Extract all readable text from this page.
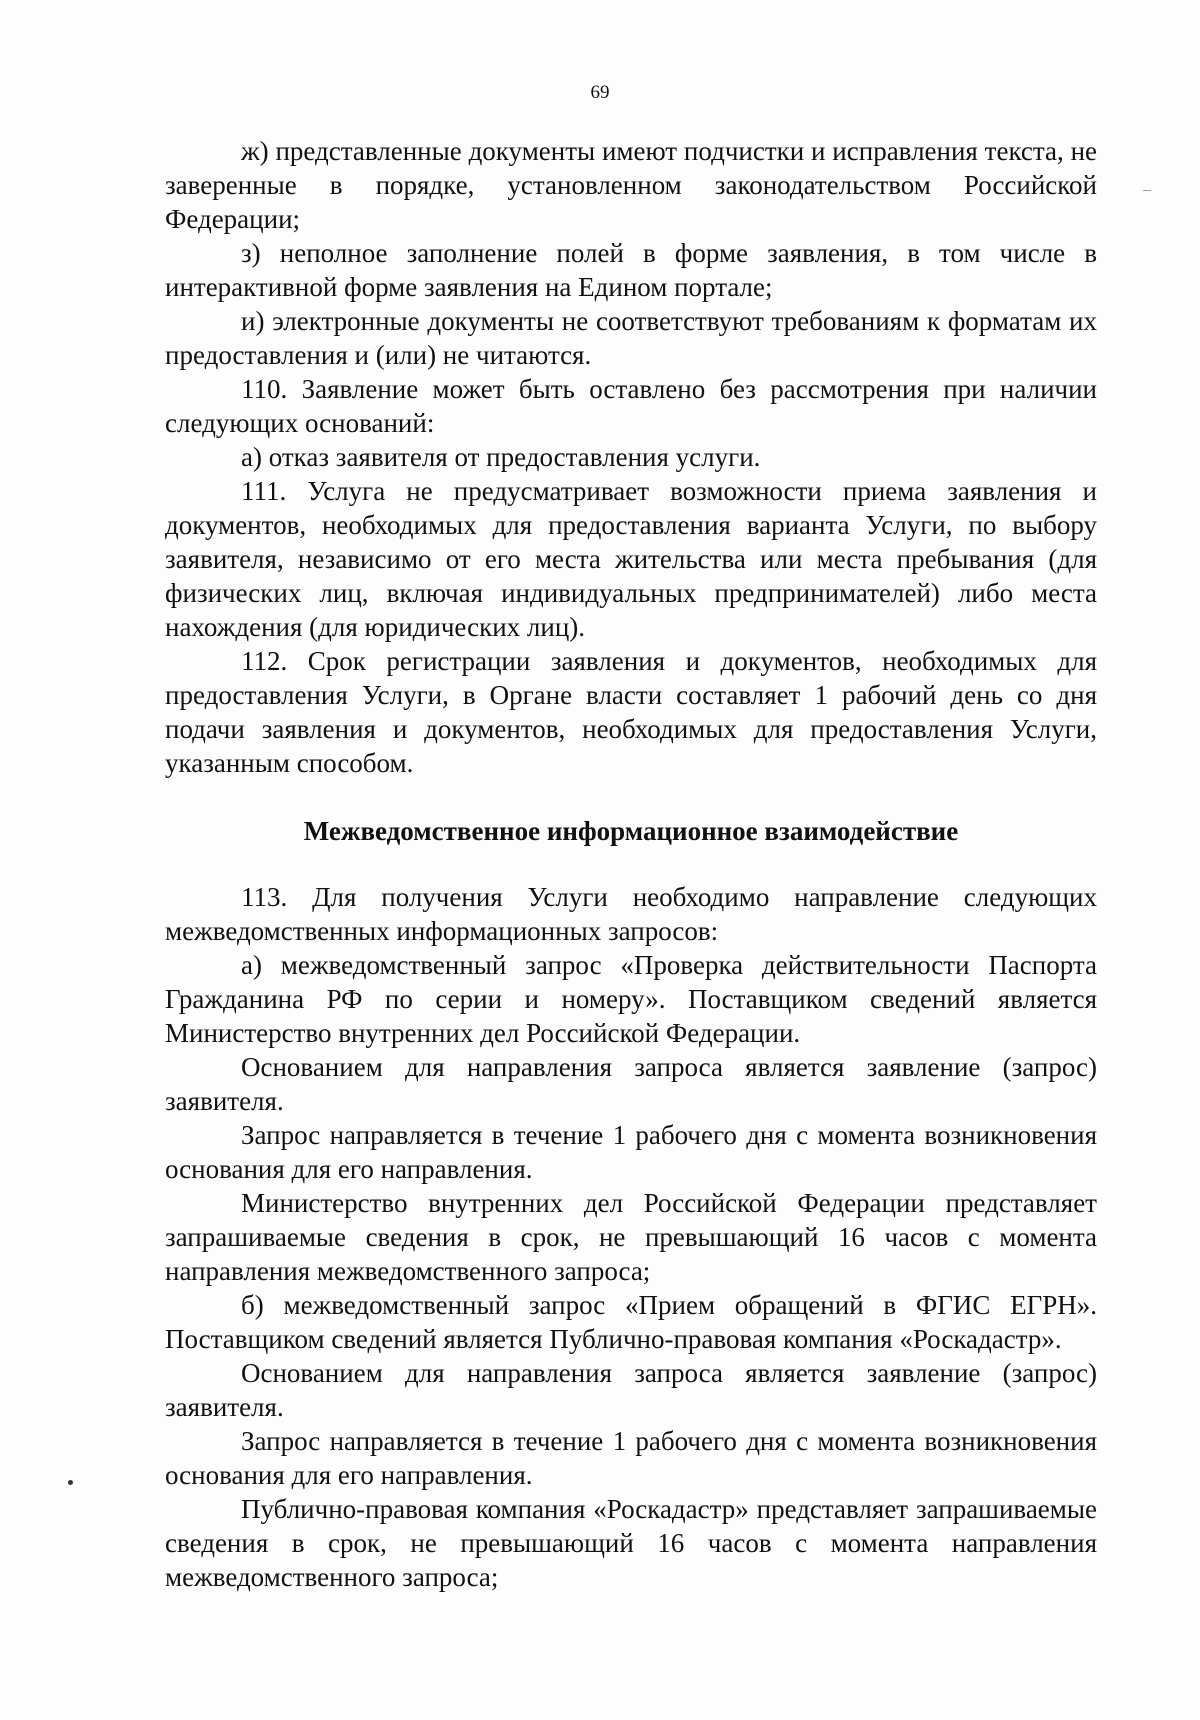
69

ж) представленные документы имеют подчистки и исправления текста, не заверенные в порядке, установленном законодательством Российской Федерации;

з) неполное заполнение полей в форме заявления, в том числе в интерактивной форме заявления на Едином портале;

и) электронные документы не соответствуют требованиям к форматам их предоставления и (или) не читаются.

110. Заявление может быть оставлено без рассмотрения при наличии следующих оснований:

а) отказ заявителя от предоставления услуги.

111. Услуга не предусматривает возможности приема заявления и документов, необходимых для предоставления варианта Услуги, по выбору заявителя, независимо от его места жительства или места пребывания (для физических лиц, включая индивидуальных предпринимателей) либо места нахождения (для юридических лиц).

112. Срок регистрации заявления и документов, необходимых для предоставления Услуги, в Органе власти составляет 1 рабочий день со дня подачи заявления и документов, необходимых для предоставления Услуги, указанным способом.

Межведомственное информационное взаимодействие

113. Для получения Услуги необходимо направление следующих межведомственных информационных запросов:

а) межведомственный запрос «Проверка действительности Паспорта Гражданина РФ по серии и номеру». Поставщиком сведений является Министерство внутренних дел Российской Федерации.

Основанием для направления запроса является заявление (запрос) заявителя.

Запрос направляется в течение 1 рабочего дня с момента возникновения основания для его направления.

Министерство внутренних дел Российской Федерации представляет запрашиваемые сведения в срок, не превышающий 16 часов с момента направления межведомственного запроса;

б) межведомственный запрос «Прием обращений в ФГИС ЕГРН». Поставщиком сведений является Публично-правовая компания «Роскадастр».

Основанием для направления запроса является заявление (запрос) заявителя.

Запрос направляется в течение 1 рабочего дня с момента возникновения основания для его направления.

Публично-правовая компания «Роскадастр» представляет запрашиваемые сведения в срок, не превышающий 16 часов с момента направления межведомственного запроса;
